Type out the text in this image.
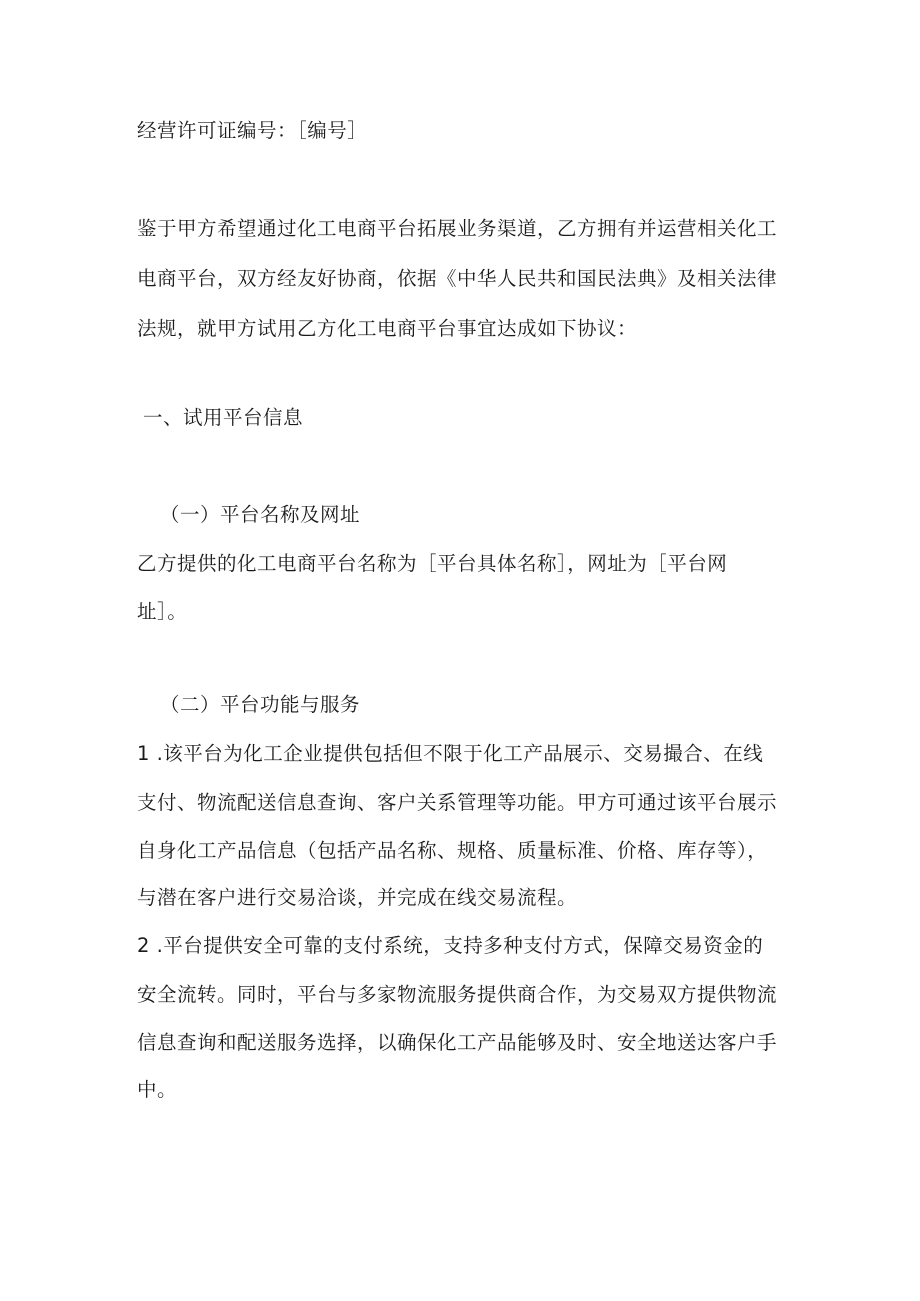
经营许可证编号：［编号］
鉴于甲方希望通过化工电商平台拓展业务渠道，乙方拥有并运营相关化工
电商平台，双方经友好协商，依据《中华人民共和国民法典》及相关法律
法规，就甲方试用乙方化工电商平台事宜达成如下协议：
一、试用平台信息
（一）平台名称及网址
乙方提供的化工电商平台名称为［平台具体名称］，网址为［平台网
址］。
（二）平台功能与服务
1 .该平台为化工企业提供包括但不限于化工产品展示、交易撮合、在线
支付、物流配送信息查询、客户关系管理等功能。甲方可通过该平台展示
自身化工产品信息（包括产品名称、规格、质量标准、价格、库存等），
与潜在客户进行交易洽谈，并完成在线交易流程。
2 .平台提供安全可靠的支付系统，支持多种支付方式，保障交易资金的
安全流转。同时，平台与多家物流服务提供商合作，为交易双方提供物流
信息查询和配送服务选择，以确保化工产品能够及时、安全地送达客户手
中。
